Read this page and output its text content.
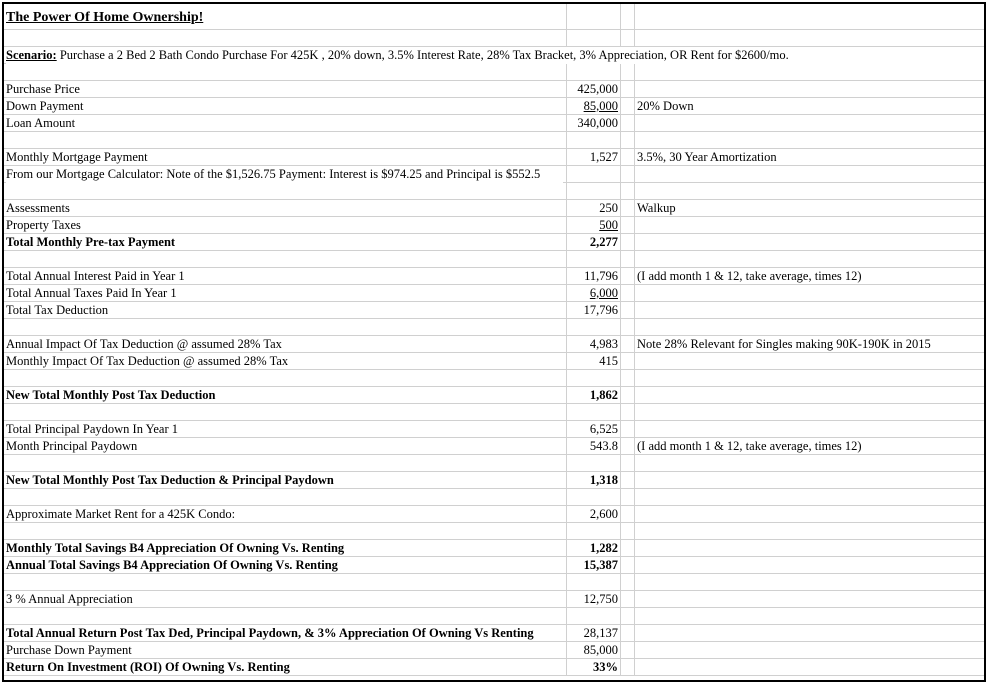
The Power Of Home Ownership!
Scenario: Purchase a 2 Bed 2 Bath Condo Purchase For 425K , 20% down, 3.5% Interest Rate, 28% Tax Bracket, 3% Appreciation, OR Rent for $2600/mo.
Purchase Price	425,000
Down Payment	85,000 20% Down
Loan Amount	340,000
Monthly Mortgage Payment	1,527 3.5%, 30 Year Amortization
From our Mortgage Calculator: Note of the $1,526.75 Payment: Interest is $974.25 and Principal is $552.5
Assessments	250 Walkup
Property Taxes	500
Total Monthly Pre-tax Payment	2,277
Total Annual Interest Paid in Year 1	11,796 (I add month 1 & 12, take average, times 12)
Total Annual Taxes Paid In Year 1	6,000
Total Tax Deduction	17,796
Annual Impact Of Tax Deduction @ assumed 28% Tax	4,983 Note 28% Relevant for Singles making 90K-190K in 2015
Monthly Impact Of Tax Deduction @ assumed 28% Tax	415
New Total Monthly Post Tax Deduction	1,862
Total Principal Paydown In Year 1	6,525
Month Principal Paydown	543.8 (I add month 1 & 12, take average, times 12)
New Total Monthly Post Tax Deduction & Principal Paydown	1,318
Approximate Market Rent for a 425K Condo:	2,600
Monthly Total Savings B4 Appreciation Of Owning Vs. Renting	1,282
Annual Total Savings B4 Appreciation Of Owning Vs. Renting	15,387
3 % Annual Appreciation	12,750
Total Annual Return Post Tax Ded, Principal Paydown, & 3% Appreciation Of Owning Vs Renting	28,137
Purchase Down Payment	85,000
Return On Investment (ROI) Of Owning Vs. Renting	33%
